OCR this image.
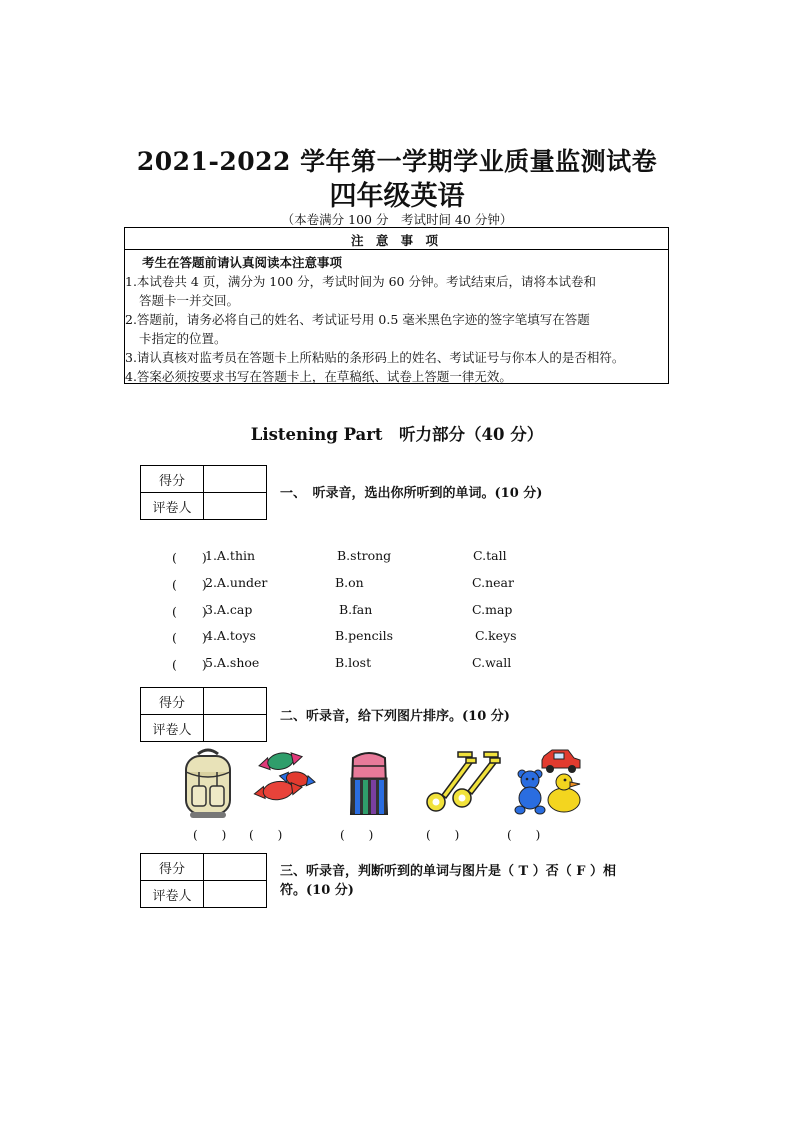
2021-2022 学年第一学期学业质量监测试卷
四年级英语
（本卷满分 100 分　考试时间 40 分钟）
注 意 事 项
考生在答题前请认真阅读本注意事项
1.本试卷共 4 页，满分为 100 分，考试时间为 60 分钟。考试结束后，请将本试卷和
答题卡一并交回。
2.答题前，请务必将自己的姓名、考试证号用 0.5 毫米黑色字迹的签字笔填写在答题
卡指定的位置。
3.请认真核对监考员在答题卡上所粘贴的条形码上的姓名、考试证号与你本人的是否相符。
4.答案必须按要求书写在答题卡上，在草稿纸、试卷上答题一律无效。
Listening Part　听力部分（40 分）
得分	
评卷人	
一、　听录音，选出你所听到的单词。(10 分)
(　　)
1.A.thin	B.strong	C.tall
(　　)
2.A.under	B.on	C.near
(　　)
3.A.cap	B.fan	C.map
(　　)
4.A.toys	B.pencils	C.keys
(　　)
5.A.shoe	B.lost	C.wall
得分	
评卷人	
二、听录音，给下列图片排序。(10 分)
(　　) (　　)	(　　)	(　　)	(　　)
得分	
评卷人	
三、听录音，判断听到的单词与图片是（ T ）否（ F ）相
符。(10 分)
